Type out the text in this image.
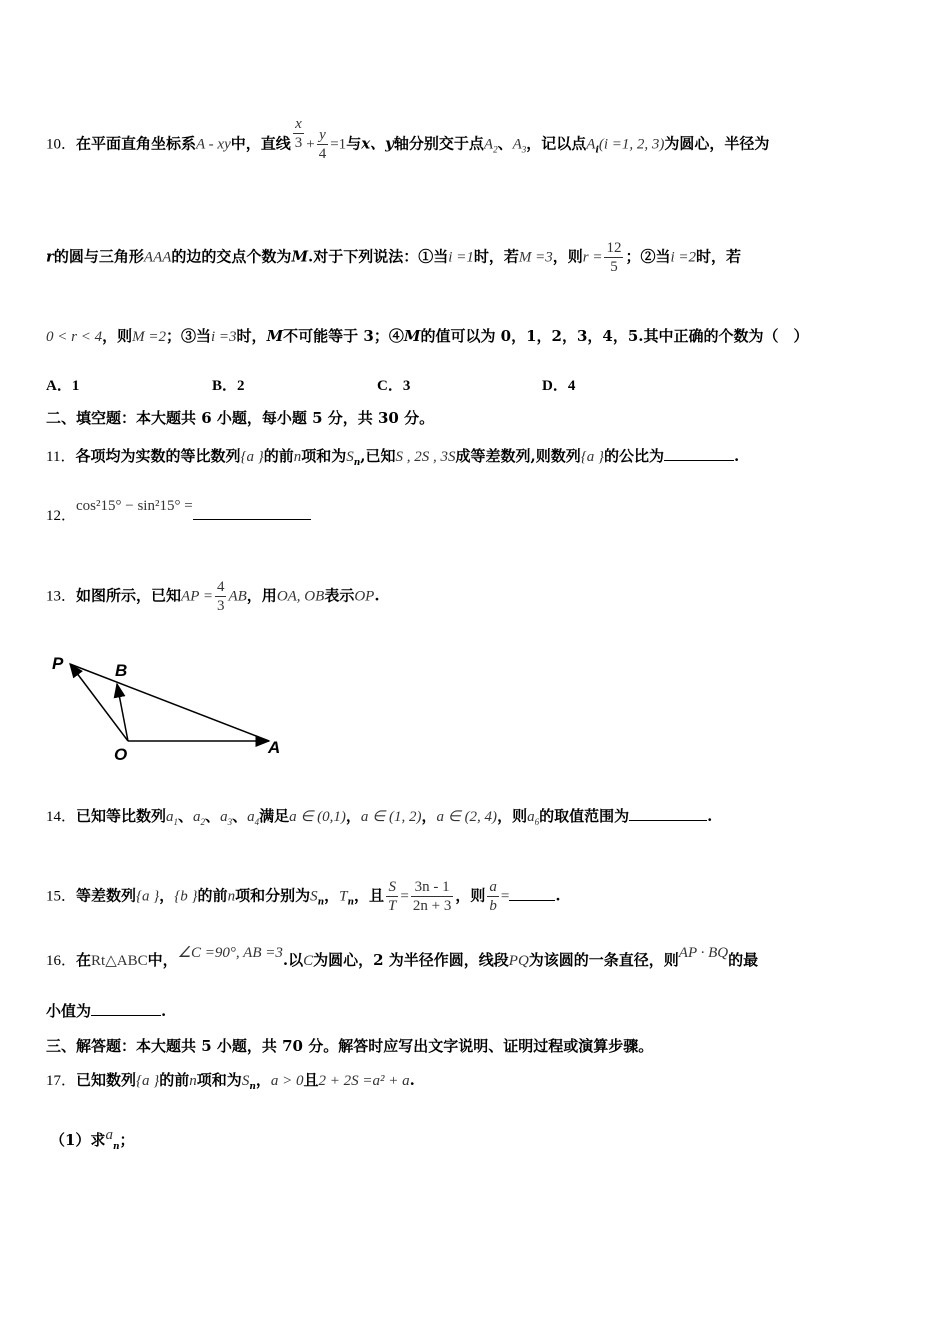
10．在平面直角坐标系A - xy中，直线 $\frac{x}{3} + \frac{y}{4} =1$与x、y轴分别交于点$A_2$、$A_3$，记以点$A_i(i =1$, 2, 3)为圆心，半径为
r的圆与三角形AAA的边的交点个数为M.对于下列说法：①当i =1时，若M =3，则$r = \frac{12}{5}$ ；②当i =2时，若
0 < r < 4，则M =2；③当i =3时，M不可能等于 3；④M的值可以为 0，1，2，3，4，5.其中正确的个数为（　）
A．1	B．2	C．3	D．4
二、填空题：本大题共 6 小题，每小题 5 分，共 30 分。
11．各项均为实数的等比数列{a }的前n项和为$S_n$,已知S , 2S , 3S成等差数列,则数列{a }的公比为	.
12．cos²15° − sin²15° =
13．如图所示，已知AP = $\frac{4}{3}$ AB，用OA, OB表示OP.
P	B
O	A
14．已知等比数列$a_1$、$a_2$、$a_3$、$a_4$满足a ∈ (0,1)，a ∈ (1, 2)，a ∈ (2, 4)，则$a_6$的取值范围为	.
15．等差数列{a }，{b }的前n项和分别为$S_n$，$T_n$，且 $\frac{S}{T} = \frac{3n - 1}{2n + 3}$ ，则 $\frac{a}{b}$ =	.
16．在Rt△ABC中，∠C =90°, AB =3.以C为圆心，2 为半径作圆，线段PQ为该圆的一条直径，则AP · BQ的最
小值为	.
三、解答题：本大题共 5 小题，共 70 分。解答时应写出文字说明、证明过程或演算步骤。
17．已知数列{a }的前n项和为$S_n$，a > 0且2 + 2S =a² + a.
（1）求$a_n$；
